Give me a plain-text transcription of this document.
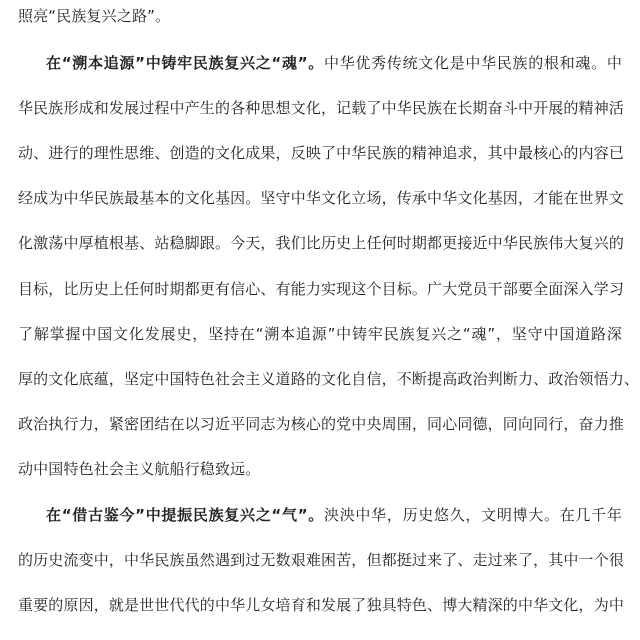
照亮“民族复兴之路”。
在“溯本追源”中铸牢民族复兴之“魂”。中华优秀传统文化是中华民族的根和魂。中
华民族形成和发展过程中产生的各种思想文化，记载了中华民族在长期奋斗中开展的精神活
动、进行的理性思维、创造的文化成果，反映了中华民族的精神追求，其中最核心的内容已
经成为中华民族最基本的文化基因。坚守中华文化立场，传承中华文化基因，才能在世界文
化激荡中厚植根基、站稳脚跟。今天，我们比历史上任何时期都更接近中华民族伟大复兴的
目标，比历史上任何时期都更有信心、有能力实现这个目标。广大党员干部要全面深入学习
了解掌握中国文化发展史，坚持在“溯本追源”中铸牢民族复兴之“魂”，坚守中国道路深
厚的文化底蕴，坚定中国特色社会主义道路的文化自信，不断提高政治判断力、政治领悟力、
政治执行力，紧密团结在以习近平同志为核心的党中央周围，同心同德，同向同行，奋力推
动中国特色社会主义航船行稳致远。
在“借古鉴今”中提振民族复兴之“气”。泱泱中华，历史悠久，文明博大。在几千年
的历史流变中，中华民族虽然遇到过无数艰难困苦，但都挺过来了、走过来了，其中一个很
重要的原因，就是世世代代的中华儿女培育和发展了独具特色、博大精深的中华文化，为中
